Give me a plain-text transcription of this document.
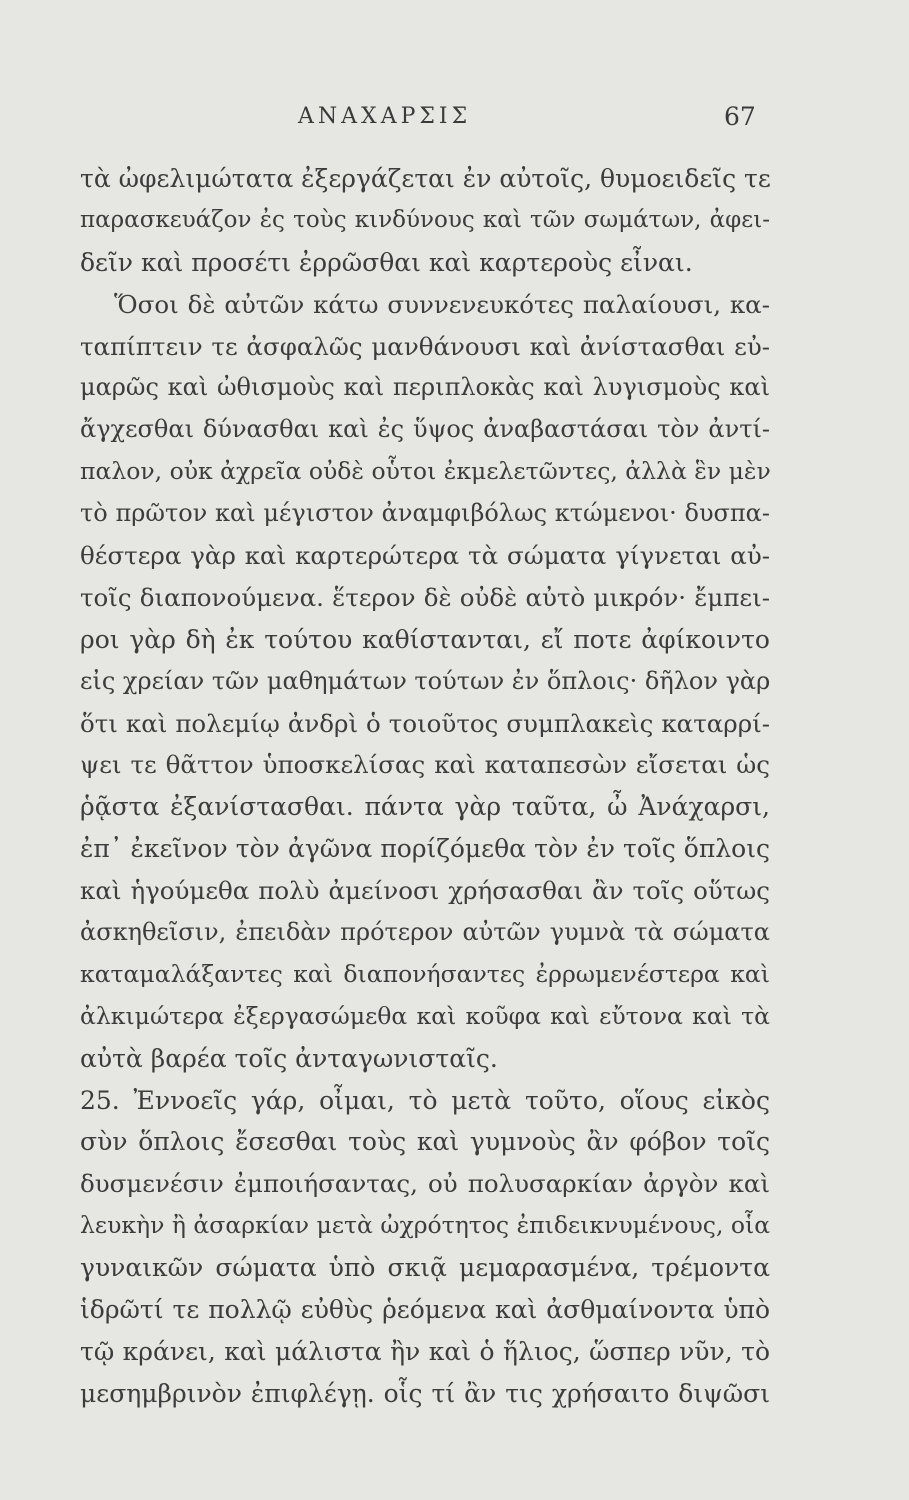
ΑΝΑΧΑΡΣΙΣ	67
τὰ ὠφελιμώτατα ἐξεργάζεται ἐν αὐτοῖς, θυμοειδεῖς τε
παρασκευάζον ἐς τοὺς κινδύνους καὶ τῶν σωμάτων, ἀφει-
δεῖν καὶ προσέτι ἐρρῶσθαι καὶ καρτεροὺς εἶναι.
Ὅσοι δὲ αὐτῶν κάτω συννενευκότες παλαίουσι, κα-
ταπίπτειν τε ἀσφαλῶς μανθάνουσι καὶ ἀνίστασθαι εὐ-
μαρῶς καὶ ὠθισμοὺς καὶ περιπλοκὰς καὶ λυγισμοὺς καὶ
ἄγχεσθαι δύνασθαι καὶ ἐς ὕψος ἀναβαστάσαι τὸν ἀντί-
παλον, οὐκ ἀχρεῖα οὐδὲ οὗτοι ἐκμελετῶντες, ἀλλὰ ἓν μὲν
τὸ πρῶτον καὶ μέγιστον ἀναμφιβόλως κτώμενοι· δυσπα-
θέστερα γὰρ καὶ καρτερώτερα τὰ σώματα γίγνεται αὐ-
τοῖς διαπονούμενα. ἕτερον δὲ οὐδὲ αὐτὸ μικρόν· ἔμπει-
ροι γὰρ δὴ ἐκ τούτου καθίστανται, εἴ ποτε ἀφίκοιντο
εἰς χρείαν τῶν μαθημάτων τούτων ἐν ὅπλοις· δῆλον γὰρ
ὅτι καὶ πολεμίῳ ἀνδρὶ ὁ τοιοῦτος συμπλακεὶς καταρρί-
ψει τε θᾶττον ὑποσκελίσας καὶ καταπεσὼν εἴσεται ὡς
ῥᾷστα ἐξανίστασθαι. πάντα γὰρ ταῦτα, ὦ Ἀνάχαρσι,
ἐπ᾽ ἐκεῖνον τὸν ἀγῶνα πορίζόμεθα τὸν ἐν τοῖς ὅπλοις
καὶ ἡγούμεθα πολὺ ἀμείνοσι χρήσασθαι ἂν τοῖς οὕτως
ἀσκηθεῖσιν, ἐπειδὰν πρότερον αὐτῶν γυμνὰ τὰ σώματα
καταμαλάξαντες καὶ διαπονήσαντες ἐρρωμενέστερα καὶ
ἀλκιμώτερα ἐξεργασώμεθα καὶ κοῦφα καὶ εὔτονα καὶ τὰ
αὐτὰ βαρέα τοῖς ἀνταγωνισταῖς.
25. Ἐννοεῖς γάρ, οἶμαι, τὸ μετὰ τοῦτο, οἵους εἰκὸς
σὺν ὅπλοις ἔσεσθαι τοὺς καὶ γυμνοὺς ἂν φόβον τοῖς
δυσμενέσιν ἐμποιήσαντας, οὐ πολυσαρκίαν ἀργὸν καὶ
λευκὴν ἢ ἀσαρκίαν μετὰ ὠχρότητος ἐπιδεικνυμένους, οἷα
γυναικῶν σώματα ὑπὸ σκιᾷ μεμαρασμένα, τρέμοντα
ἱδρῶτί τε πολλῷ εὐθὺς ῥεόμενα καὶ ἀσθμαίνοντα ὑπὸ
τῷ κράνει, καὶ μάλιστα ἢν καὶ ὁ ἥλιος, ὥσπερ νῦν, τὸ
μεσημβρινὸν ἐπιφλέγῃ. οἷς τί ἂν τις χρήσαιτο διψῶσι
